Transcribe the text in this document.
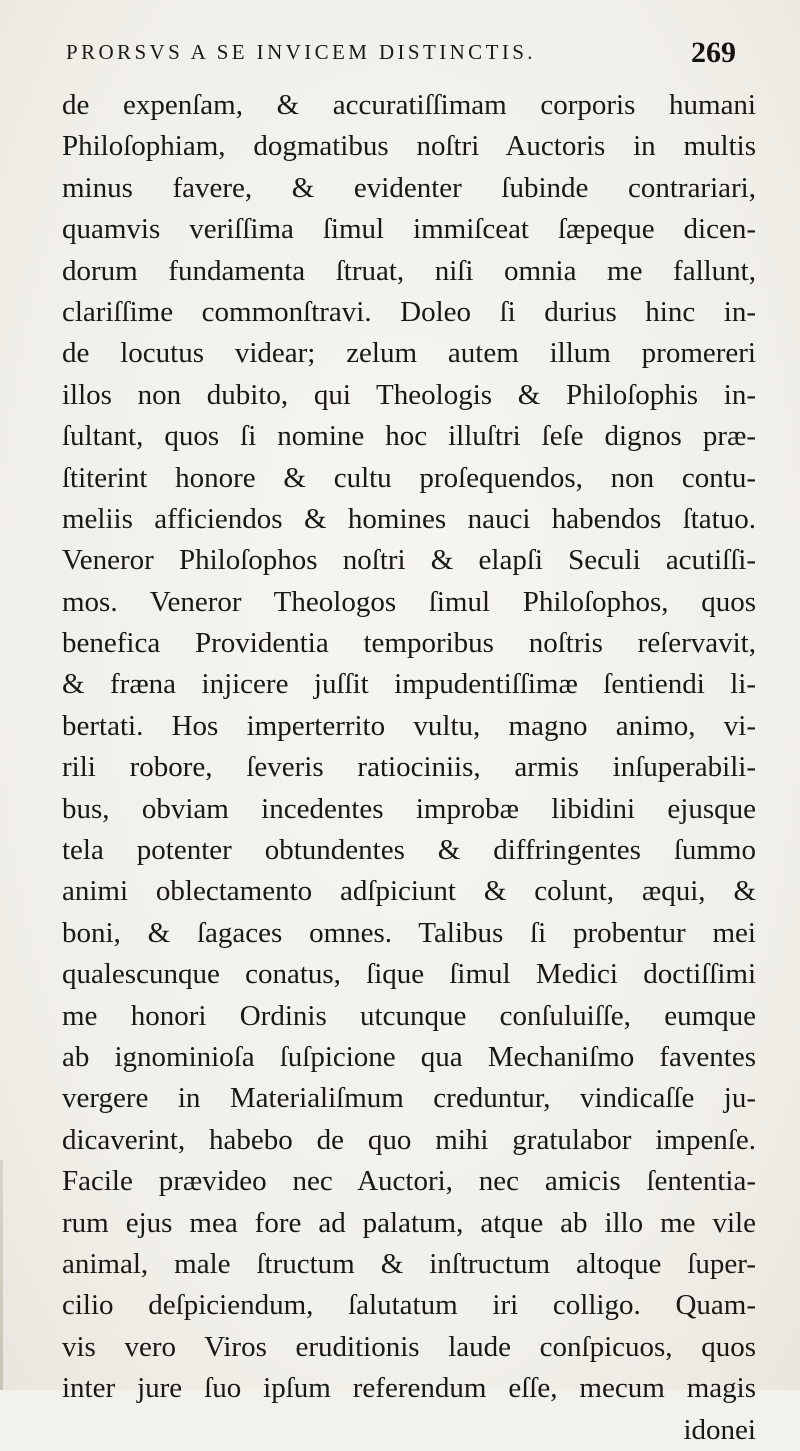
PRORSVS A SE INVICEM DISTINCTIS.	269
de expenſam, & accuratiſſimam corporis humani
Philoſophiam, dogmatibus noſtri Auctoris in multis
minus favere, & evidenter ſubinde contrariari,
quamvis veriſſima ſimul immiſceat ſæpeque dicen-
dorum fundamenta ſtruat, niſi omnia me fallunt,
clariſſime commonſtravi. Doleo ſi durius hinc in-
de locutus videar; zelum autem illum promereri
illos non dubito, qui Theologis & Philoſophis in-
ſultant, quos ſi nomine hoc illuſtri ſeſe dignos præ-
ſtiterint honore & cultu proſequendos, non contu-
meliis afficiendos & homines nauci habendos ſtatuo.
Veneror Philoſophos noſtri & elapſi Seculi acutiſſi-
mos. Veneror Theologos ſimul Philoſophos, quos
benefica Providentia temporibus noſtris reſervavit,
& fræna injicere juſſit impudentiſſimæ ſentiendi li-
bertati. Hos imperterrito vultu, magno animo, vi-
rili robore, ſeveris ratiociniis, armis inſuperabili-
bus, obviam incedentes improbæ libidini ejusque
tela potenter obtundentes & diffringentes ſummo
animi oblectamento adſpiciunt & colunt, æqui, &
boni, & ſagaces omnes. Talibus ſi probentur mei
qualescunque conatus, ſique ſimul Medici doctiſſimi
me honori Ordinis utcunque conſuluiſſe, eumque
ab ignominioſa ſuſpicione qua Mechaniſmo faventes
vergere in Materialiſmum creduntur, vindicaſſe ju-
dicaverint, habebo de quo mihi gratulabor impenſe.
Facile prævideo nec Auctori, nec amicis ſententia-
rum ejus mea fore ad palatum, atque ab illo me vile
animal, male ſtructum & inſtructum altoque ſuper-
cilio deſpiciendum, ſalutatum iri colligo. Quam-
vis vero Viros eruditionis laude conſpicuos, quos
inter jure ſuo ipſum referendum eſſe, mecum magis
idonei
